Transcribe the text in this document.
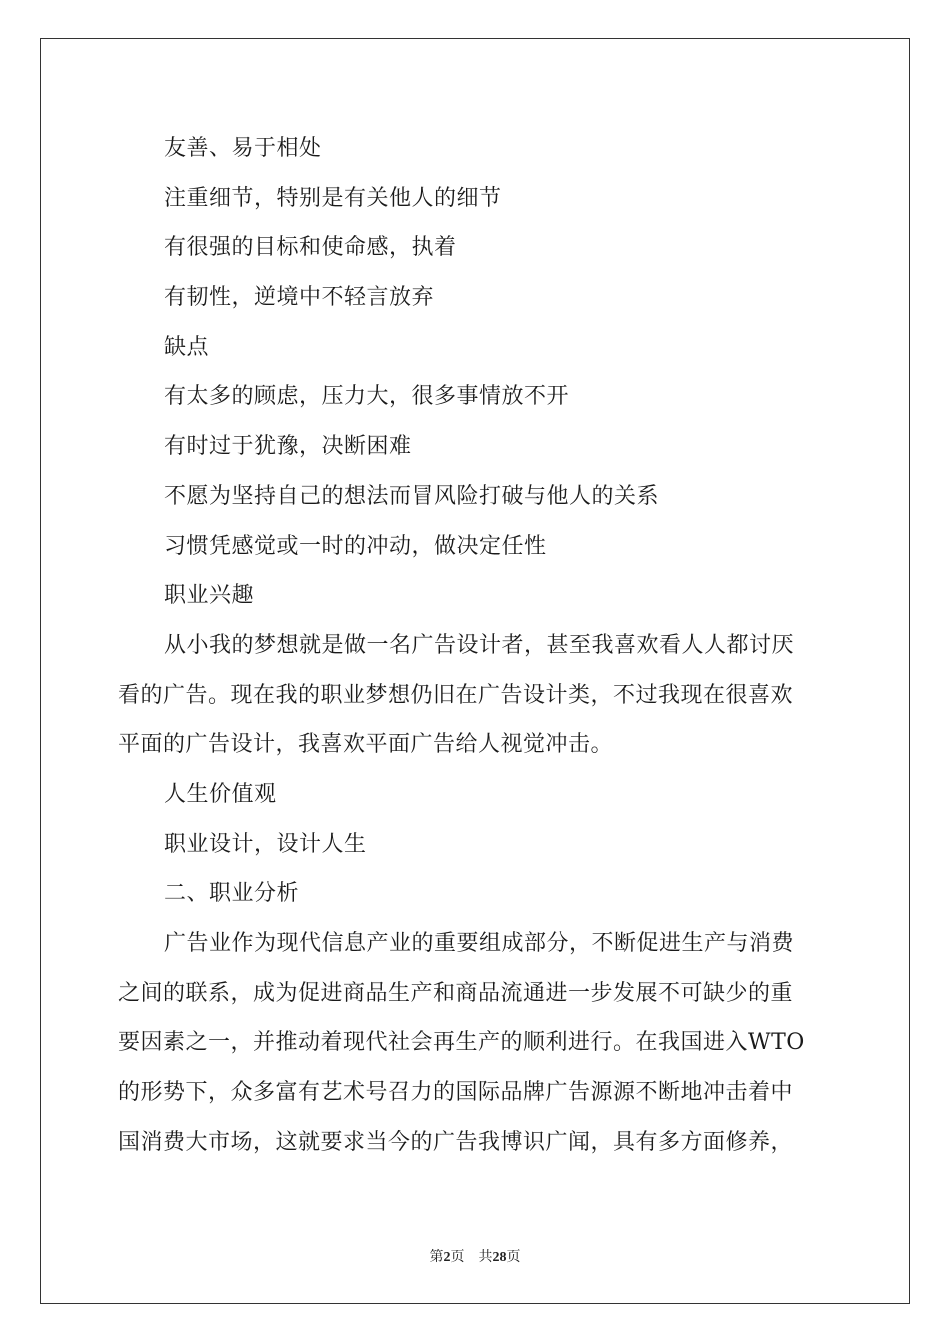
友善、易于相处
注重细节，特别是有关他人的细节
有很强的目标和使命感，执着
有韧性，逆境中不轻言放弃
缺点
有太多的顾虑，压力大，很多事情放不开
有时过于犹豫，决断困难
不愿为坚持自己的想法而冒风险打破与他人的关系
习惯凭感觉或一时的冲动，做决定任性
职业兴趣
从小我的梦想就是做一名广告设计者，甚至我喜欢看人人都讨厌
看的广告。现在我的职业梦想仍旧在广告设计类，不过我现在很喜欢
平面的广告设计，我喜欢平面广告给人视觉冲击。
人生价值观
职业设计，设计人生
二、职业分析
广告业作为现代信息产业的重要组成部分，不断促进生产与消费
之间的联系，成为促进商品生产和商品流通进一步发展不可缺少的重
要因素之一，并推动着现代社会再生产的顺利进行。在我国进入WTO
的形势下，众多富有艺术号召力的国际品牌广告源源不断地冲击着中
国消费大市场，这就要求当今的广告我博识广闻，具有多方面修养，
第2页 共28页
